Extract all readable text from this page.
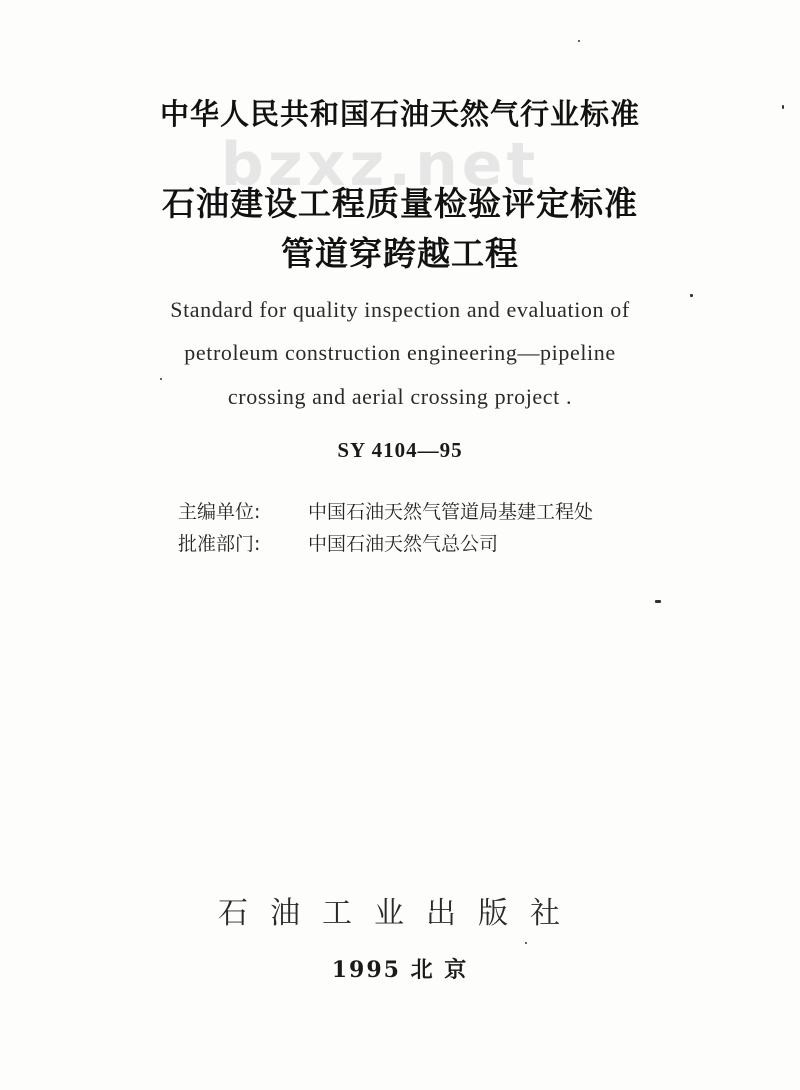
bzxz.net
中华人民共和国石油天然气行业标准
石油建设工程质量检验评定标准
管道穿跨越工程
Standard for quality inspection and evaluation of
petroleum construction engineering—pipeline
crossing and aerial crossing project .
SY 4104—95
主编单位:	中国石油天然气管道局基建工程处
批准部门:	中国石油天然气总公司
石油工业出版社
1995 北 京
